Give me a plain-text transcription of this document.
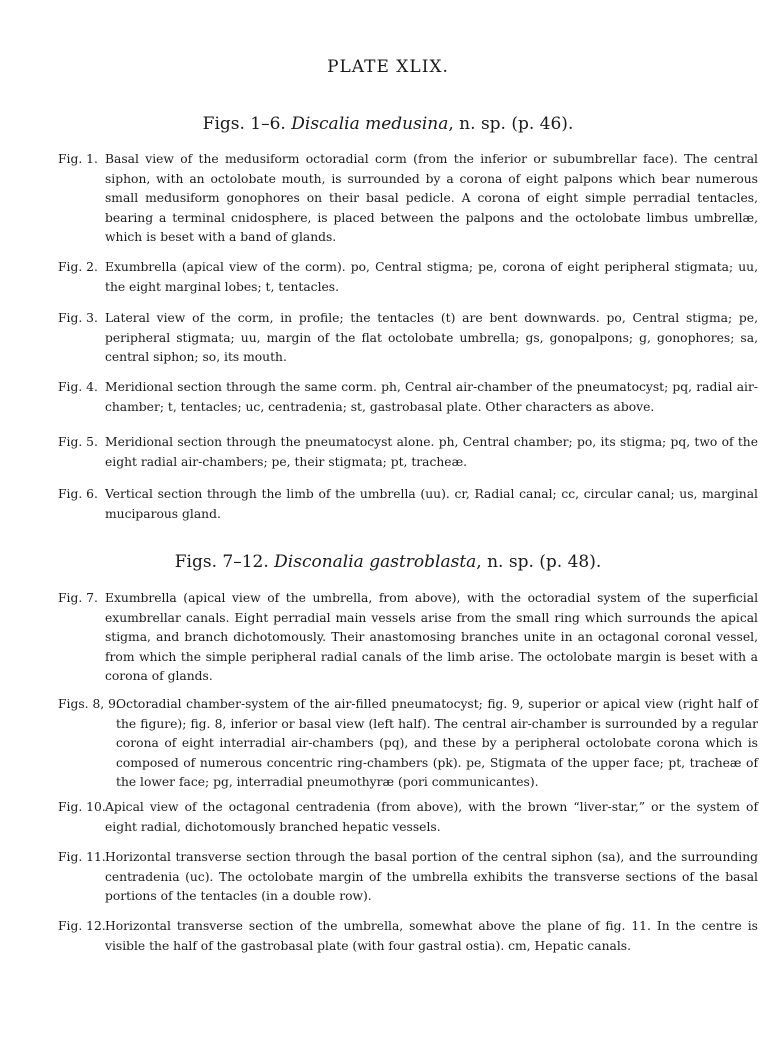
PLATE XLIX.
Figs. 1–6. Discalia medusina, n. sp. (p. 46).
Fig. 1. Basal view of the medusiform octoradial corm (from the inferior or subumbrellar face). The central siphon, with an octolobate mouth, is surrounded by a corona of eight palpons which bear numerous small medusiform gonophores on their basal pedicle. A corona of eight simple perradial tentacles, bearing a terminal cnidosphere, is placed between the palpons and the octolobate limbus umbrellæ, which is beset with a band of glands.
Fig. 2. Exumbrella (apical view of the corm). po, Central stigma; pe, corona of eight peripheral stigmata; uu, the eight marginal lobes; t, tentacles.
Fig. 3. Lateral view of the corm, in profile; the tentacles (t) are bent downwards. po, Central stigma; pe, peripheral stigmata; uu, margin of the flat octolobate umbrella; gs, gonopalpons; g, gonophores; sa, central siphon; so, its mouth.
Fig. 4. Meridional section through the same corm. ph, Central air-chamber of the pneumatocyst; pq, radial air-chamber; t, tentacles; uc, centradenia; st, gastrobasal plate. Other characters as above.
Fig. 5. Meridional section through the pneumatocyst alone. ph, Central chamber; po, its stigma; pq, two of the eight radial air-chambers; pe, their stigmata; pt, tracheæ.
Fig. 6. Vertical section through the limb of the umbrella (uu). cr, Radial canal; cc, circular canal; us, marginal muciparous gland.
Figs. 7–12. Disconalia gastroblasta, n. sp. (p. 48).
Fig. 7. Exumbrella (apical view of the umbrella, from above), with the octoradial system of the superficial exumbrellar canals. Eight perradial main vessels arise from the small ring which surrounds the apical stigma, and branch dichotomously. Their anastomosing branches unite in an octagonal coronal vessel, from which the simple peripheral radial canals of the limb arise. The octolobate margin is beset with a corona of glands.
Figs. 8, 9.
Octoradial chamber-system of the air-filled pneumatocyst; fig. 9, superior or apical view (right half of the figure); fig. 8, inferior or basal view (left half). The central air-chamber is surrounded by a regular corona of eight interradial air-chambers (pq), and these by a peripheral octolobate corona which is composed of numerous concentric ring-chambers (pk). pe, Stigmata of the upper face; pt, tracheæ of the lower face; pg, interradial pneumothyræ (pori communicantes).
Fig. 10. Apical view of the octagonal centradenia (from above), with the brown “liver-star,” or the system of eight radial, dichotomously branched hepatic vessels.
Fig. 11. Horizontal transverse section through the basal portion of the central siphon (sa), and the surrounding centradenia (uc). The octolobate margin of the umbrella exhibits the transverse sections of the basal portions of the tentacles (in a double row).
Fig. 12. Horizontal transverse section of the umbrella, somewhat above the plane of fig. 11. In the centre is visible the half of the gastrobasal plate (with four gastral ostia). cm, Hepatic canals.
